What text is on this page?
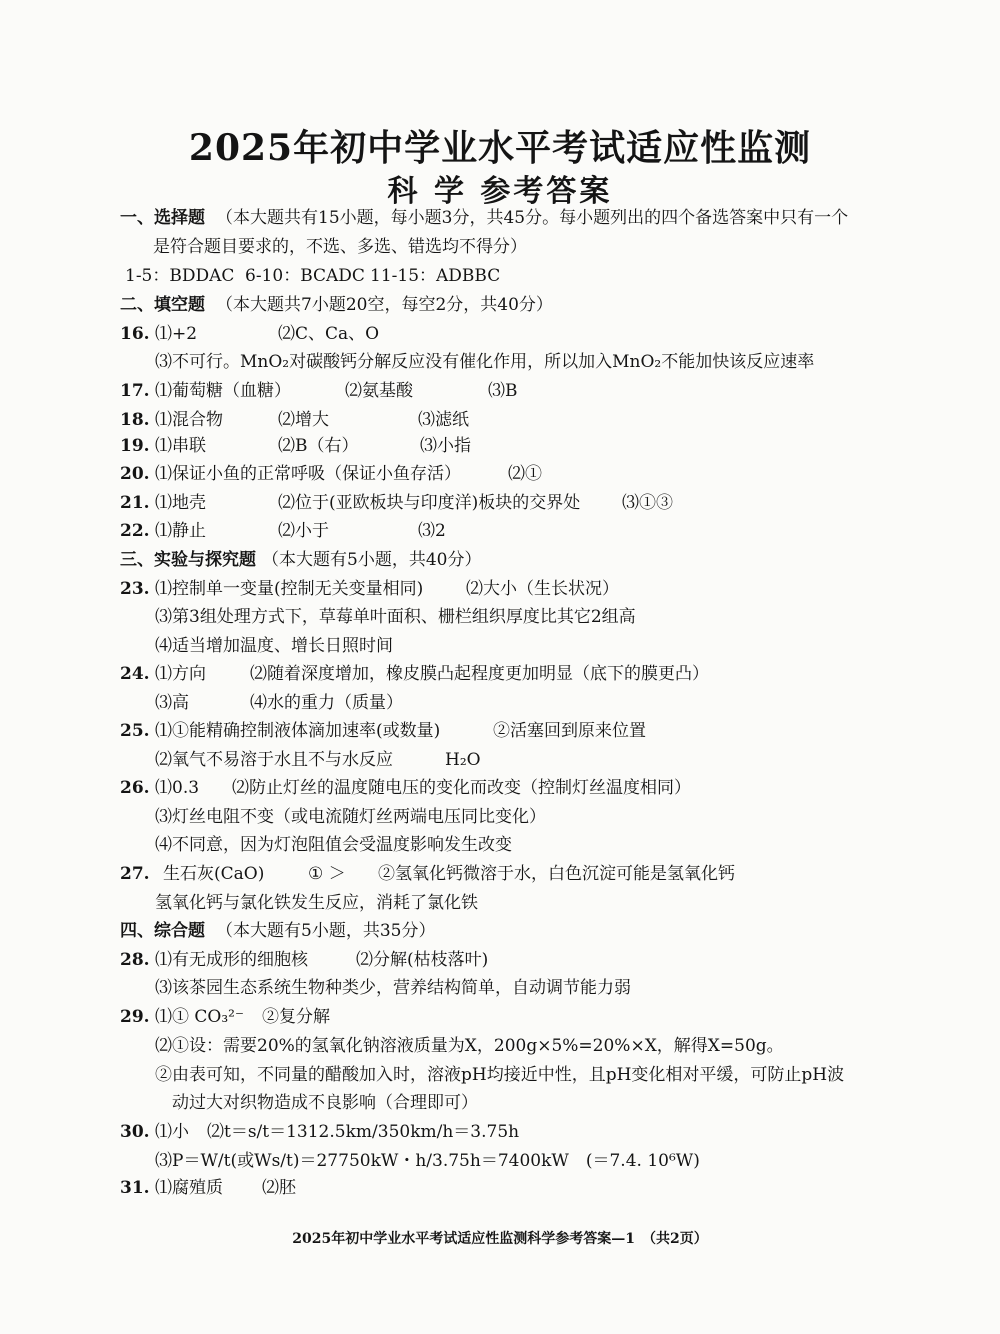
2025年初中学业水平考试适应性监测
科 学 参考答案
一、选择题 （本大题共有15小题，每小题3分，共45分。每小题列出的四个备选答案中只有一个
是符合题目要求的，不选、多选、错选均不得分）
1-5：BDDAC 6-10：BCADC 11-15：ADBBC
二、填空题 （本大题共7小题20空，每空2分，共40分）
16. ⑴+2	⑵C、Ca、O
⑶不可行。MnO₂对碳酸钙分解反应没有催化作用，所以加入MnO₂不能加快该反应速率
17. ⑴葡萄糖（血糖）	⑵氨基酸	⑶B
18. ⑴混合物	⑵增大	⑶滤纸
19. ⑴串联	⑵B（右）	⑶小指
20. ⑴保证小鱼的正常呼吸（保证小鱼存活）	⑵①
21. ⑴地壳	⑵位于(亚欧板块与印度洋)板块的交界处 ⑶①③
22. ⑴静止	⑵小于	⑶2
三、实验与探究题 （本大题有5小题，共40分）
23. ⑴控制单一变量(控制无关变量相同)	⑵大小（生长状况）
⑶第3组处理方式下，草莓单叶面积、栅栏组织厚度比其它2组高
⑷适当增加温度、增长日照时间
24. ⑴方向	⑵随着深度增加，橡皮膜凸起程度更加明显（底下的膜更凸）
⑶高	⑷水的重力（质量）
25. ⑴①能精确控制液体滴加速率(或数量)	②活塞回到原来位置
⑵氧气不易溶于水且不与水反应	H₂O
26. ⑴0.3 ⑵防止灯丝的温度随电压的变化而改变（控制灯丝温度相同）
⑶灯丝电阻不变（或电流随灯丝两端电压同比变化）
⑷不同意，因为灯泡阻值会受温度影响发生改变
27. 生石灰(CaO)	① ＞ ②氢氧化钙微溶于水，白色沉淀可能是氢氧化钙
氢氧化钙与氯化铁发生反应，消耗了氯化铁
四、综合题 （本大题有5小题，共35分）
28. ⑴有无成形的细胞核	⑵分解(枯枝落叶)
⑶该茶园生态系统生物种类少，营养结构简单，自动调节能力弱
29. ⑴① CO₃²⁻ ②复分解
⑵①设：需要20%的氢氧化钠溶液质量为X，200g×5%=20%×X，解得X=50g。
②由表可知，不同量的醋酸加入时，溶液pH均接近中性，且pH变化相对平缓，可防止pH波
动过大对织物造成不良影响（合理即可）
30. ⑴小 ⑵t＝s/t＝1312.5km/350km/h＝3.75h
⑶P＝W/t(或Ws/t)＝27750kW・h/3.75h＝7400kW　(＝7.4. 10⁶W)
31. ⑴腐殖质 ⑵胚
2025年初中学业水平考试适应性监测科学参考答案—1　（共2页）
